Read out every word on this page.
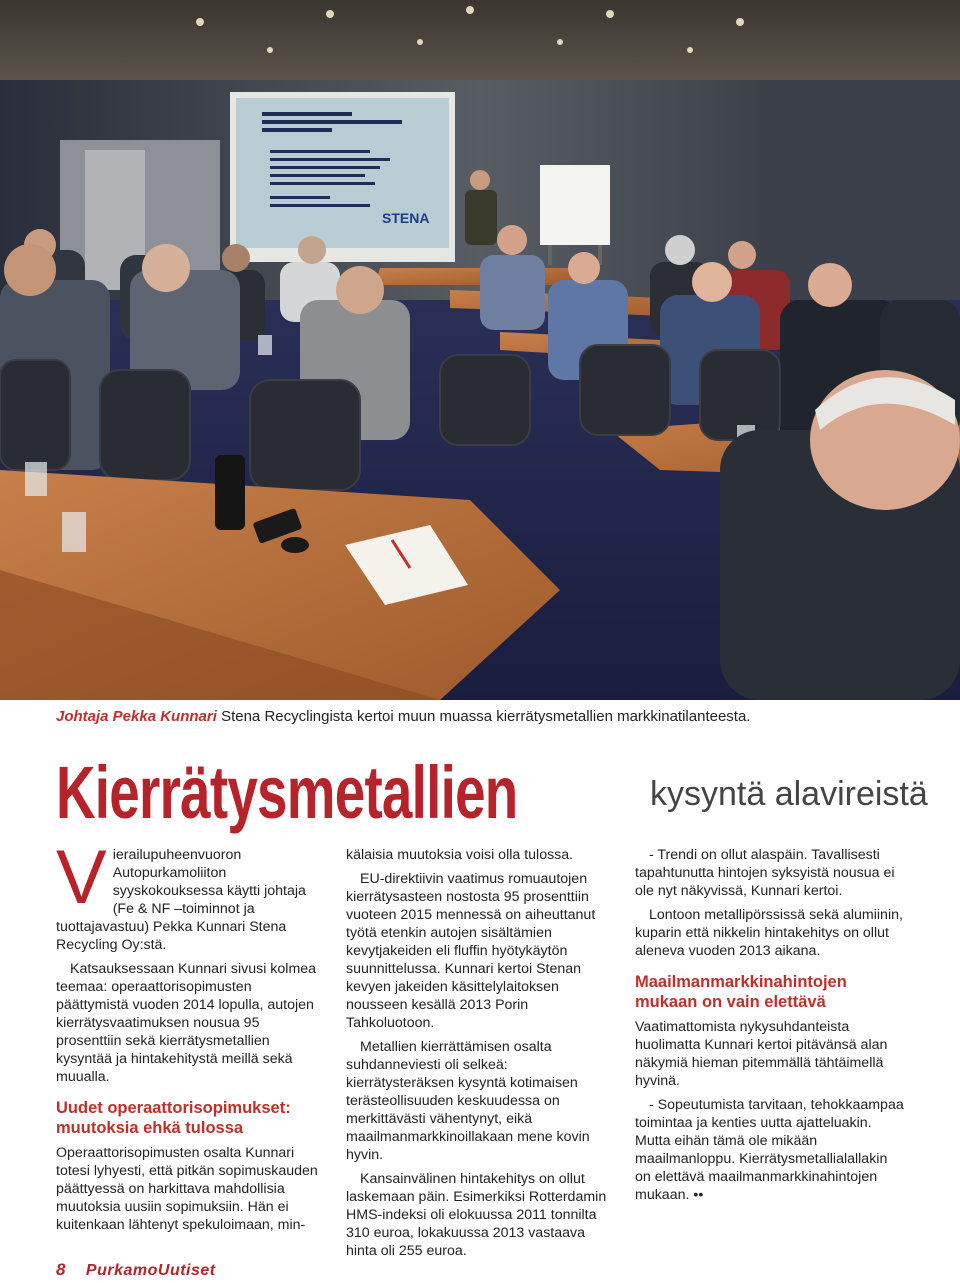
STENA
Johtaja Pekka Kunnari Stena Recyclingista kertoi muun muassa kierrätysmetallien markkinatilanteesta.
Kierrätysmetallien	kysyntä alavireistä
V ierailupuheenvuoron Autopurkamoliiton syyskokouksessa käytti johtaja (Fe & NF –toiminnot ja tuottajavastuu) Pekka Kunnari Stena Recycling Oy:stä.

Katsauksessaan Kunnari sivusi kolmea teemaa: operaattorisopimusten päättymistä vuoden 2014 lopulla, autojen kierrätysvaatimuksen nousua 95 prosenttiin sekä kierrätysmetallien kysyntää ja hintakehitystä meillä sekä muualla.

Uudet operaattorisopimukset: muutoksia ehkä tulossa

Operaattorisopimusten osalta Kunnari totesi lyhyesti, että pitkän sopimuskauden päättyessä on harkittava mahdollisia muutoksia uusiin sopimuksiin. Hän ei kuitenkaan lähtenyt spekuloimaan, min-

kälaisia muutoksia voisi olla tulossa.

EU-direktiivin vaatimus romuautojen kierrätysasteen nostosta 95 prosenttiin vuoteen 2015 mennessä on aiheuttanut työtä etenkin autojen sisältämien kevytjakeiden eli fluffin hyötykäytön suunnittelussa. Kunnari kertoi Stenan kevyen jakeiden käsittelylaitoksen nousseen kesällä 2013 Porin Tahkoluotoon.

Metallien kierrättämisen osalta suhdanneviesti oli selkeä: kierrätysteräksen kysyntä kotimaisen terästeollisuuden keskuudessa on merkittävästi vähentynyt, eikä maailmanmarkkinoillakaan mene kovin hyvin.

Kansainvälinen hintakehitys on ollut laskemaan päin. Esimerkiksi Rotterdamin HMS-indeksi oli elokuussa 2011 tonnilta 310 euroa, lokakuussa 2013 vastaava hinta oli 255 euroa.

- Trendi on ollut alaspäin. Tavallisesti tapahtunutta hintojen syksyistä nousua ei ole nyt näkyvissä, Kunnari kertoi.

Lontoon metallipörssissä sekä alumiinin, kuparin että nikkelin hintakehitys on ollut aleneva vuoden 2013 aikana.

Maailmanmarkkinahintojen mukaan on vain elettävä

Vaatimattomista nykysuhdanteista huolimatta Kunnari kertoi pitävänsä alan näkymiä hieman pitemmällä tähtäimellä hyvinä.

- Sopeutumista tarvitaan, tehokkaampaa toimintaa ja kenties uutta ajatteluakin. Mutta eihän tämä ole mikään maailmanloppu. Kierrätysmetallialallakin on elettävä maailmanmarkkinahintojen mukaan. ••

8 PurkamoUutiset
